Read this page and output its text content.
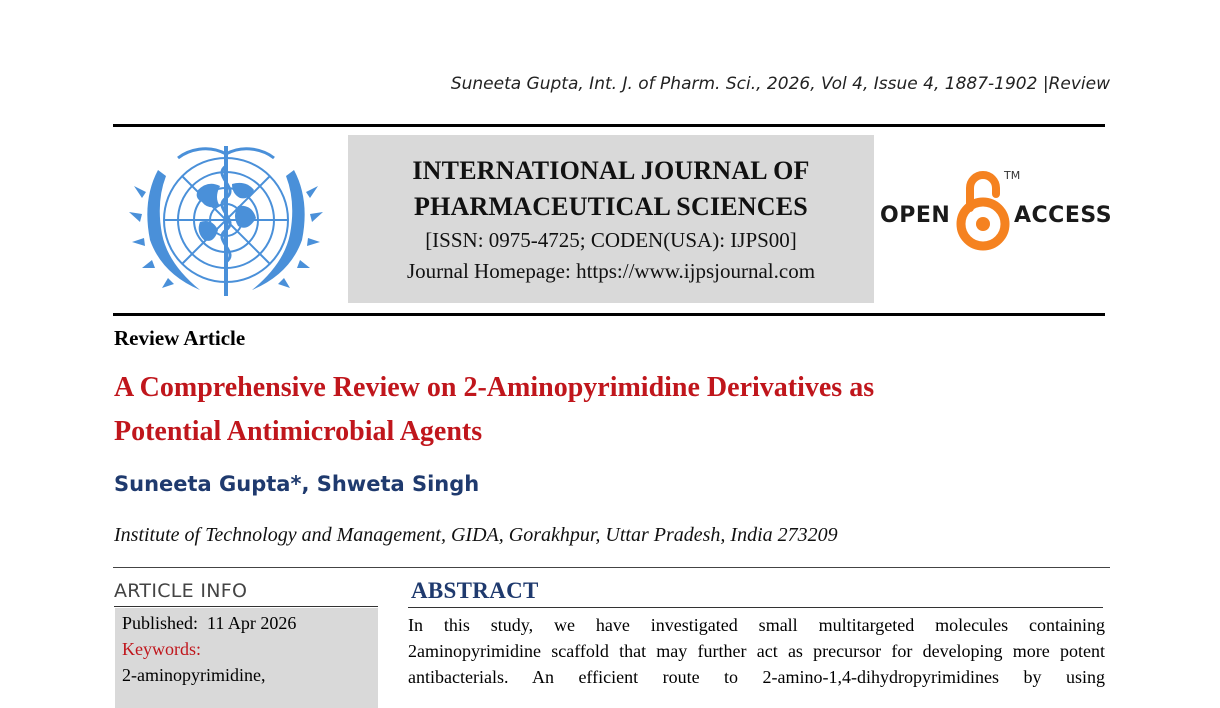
Suneeta Gupta, Int. J. of Pharm. Sci., 2026, Vol 4, Issue 4, 1887-1902 |Review
INTERNATIONAL JOURNAL OF
PHARMACEUTICAL SCIENCES
[ISSN: 0975-4725; CODEN(USA): IJPS00]
Journal Homepage: https://www.ijpsjournal.com
OPEN
TM
ACCESS
Review Article
A Comprehensive Review on 2-Aminopyrimidine Derivatives as
Potential Antimicrobial Agents
Suneeta Gupta*, Shweta Singh
Institute of Technology and Management, GIDA, Gorakhpur, Uttar Pradesh, India 273209
ARTICLE INFO
Published: 11 Apr 2026
Keywords:
2-aminopyrimidine,
ABSTRACT
In this study, we have investigated small multitargeted molecules containing
2aminopyrimidine scaffold that may further act as precursor for developing more potent
antibacterials. An efficient route to 2-amino-1,4-dihydropyrimidines by using
